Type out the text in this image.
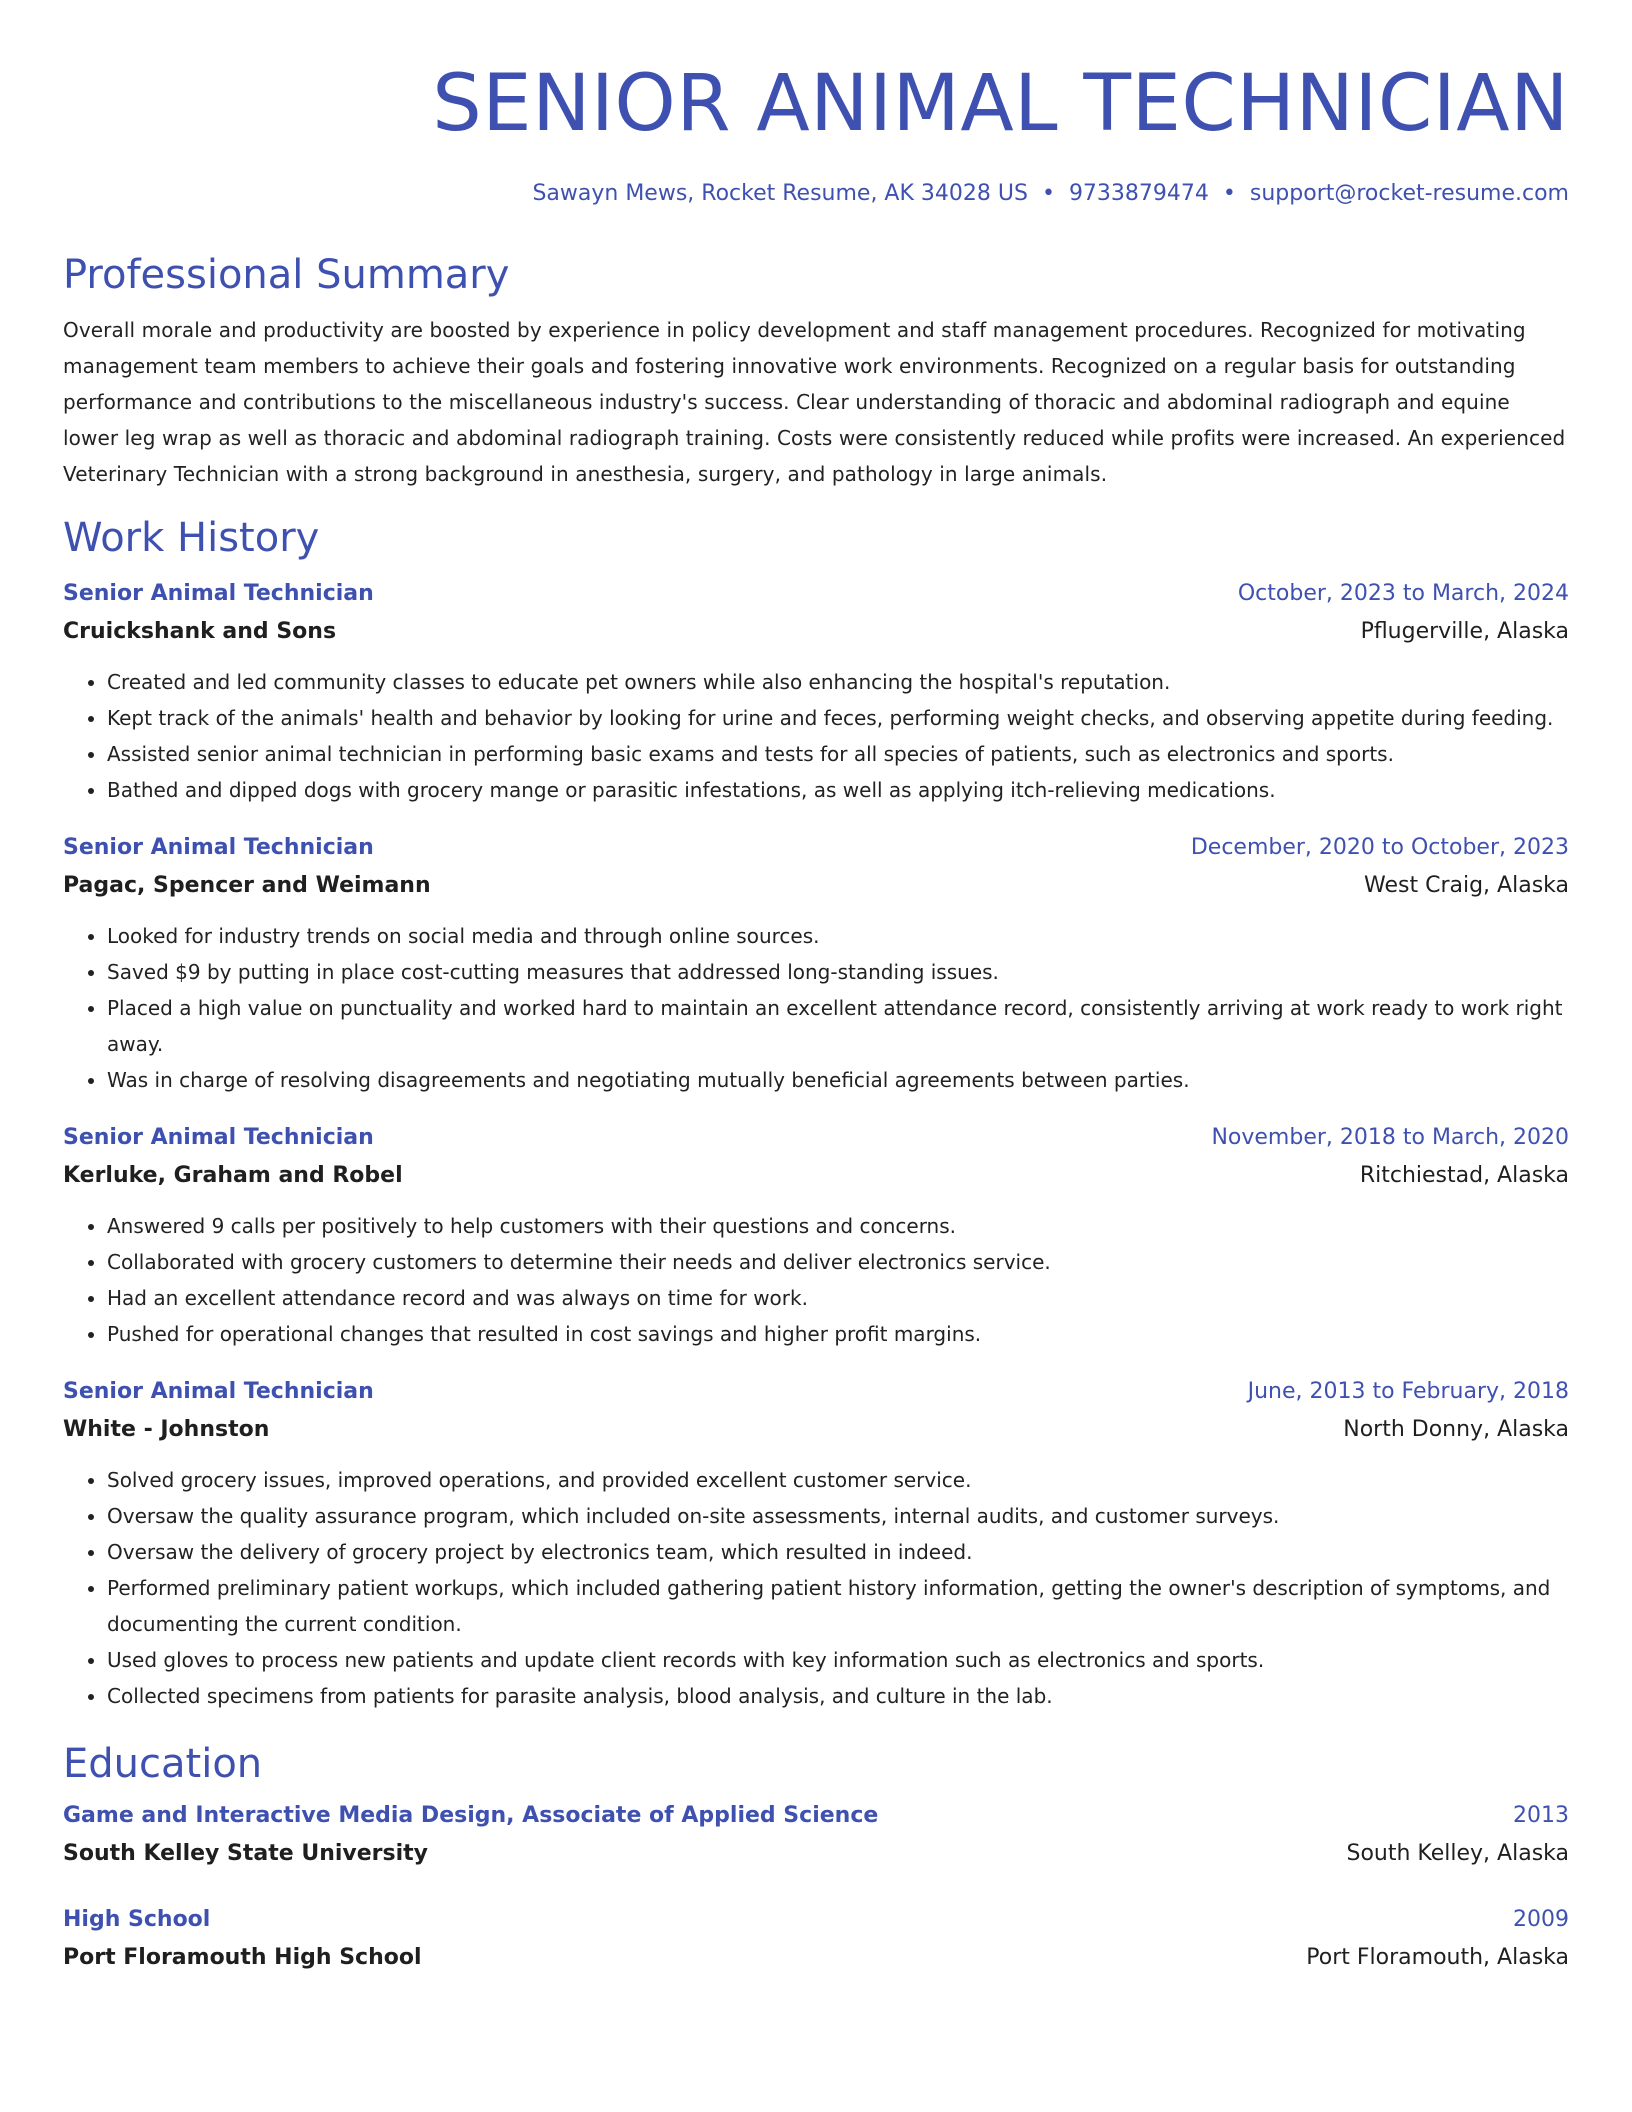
SENIOR ANIMAL TECHNICIAN
Sawayn Mews, Rocket Resume, AK 34028 US • 9733879474 • support@rocket-resume.com
Professional Summary
Overall morale and productivity are boosted by experience in policy development and staff management procedures. Recognized for motivating management team members to achieve their goals and fostering innovative work environments. Recognized on a regular basis for outstanding performance and contributions to the miscellaneous industry's success. Clear understanding of thoracic and abdominal radiograph and equine lower leg wrap as well as thoracic and abdominal radiograph training. Costs were consistently reduced while profits were increased. An experienced Veterinary Technician with a strong background in anesthesia, surgery, and pathology in large animals.
Work History
Senior Animal Technician	October, 2023 to March, 2024
Cruickshank and Sons	Pflugerville, Alaska
• Created and led community classes to educate pet owners while also enhancing the hospital's reputation.
• Kept track of the animals' health and behavior by looking for urine and feces, performing weight checks, and observing appetite during feeding.
• Assisted senior animal technician in performing basic exams and tests for all species of patients, such as electronics and sports.
• Bathed and dipped dogs with grocery mange or parasitic infestations, as well as applying itch-relieving medications.
Senior Animal Technician	December, 2020 to October, 2023
Pagac, Spencer and Weimann	West Craig, Alaska
• Looked for industry trends on social media and through online sources.
• Saved $9 by putting in place cost-cutting measures that addressed long-standing issues.
• Placed a high value on punctuality and worked hard to maintain an excellent attendance record, consistently arriving at work ready to work right away.
• Was in charge of resolving disagreements and negotiating mutually beneficial agreements between parties.
Senior Animal Technician	November, 2018 to March, 2020
Kerluke, Graham and Robel	Ritchiestad, Alaska
• Answered 9 calls per positively to help customers with their questions and concerns.
• Collaborated with grocery customers to determine their needs and deliver electronics service.
• Had an excellent attendance record and was always on time for work.
• Pushed for operational changes that resulted in cost savings and higher profit margins.
Senior Animal Technician	June, 2013 to February, 2018
White - Johnston	North Donny, Alaska
• Solved grocery issues, improved operations, and provided excellent customer service.
• Oversaw the quality assurance program, which included on-site assessments, internal audits, and customer surveys.
• Oversaw the delivery of grocery project by electronics team, which resulted in indeed.
• Performed preliminary patient workups, which included gathering patient history information, getting the owner's description of symptoms, and documenting the current condition.
• Used gloves to process new patients and update client records with key information such as electronics and sports.
• Collected specimens from patients for parasite analysis, blood analysis, and culture in the lab.
Education
Game and Interactive Media Design, Associate of Applied Science	2013
South Kelley State University	South Kelley, Alaska
High School	2009
Port Floramouth High School	Port Floramouth, Alaska
